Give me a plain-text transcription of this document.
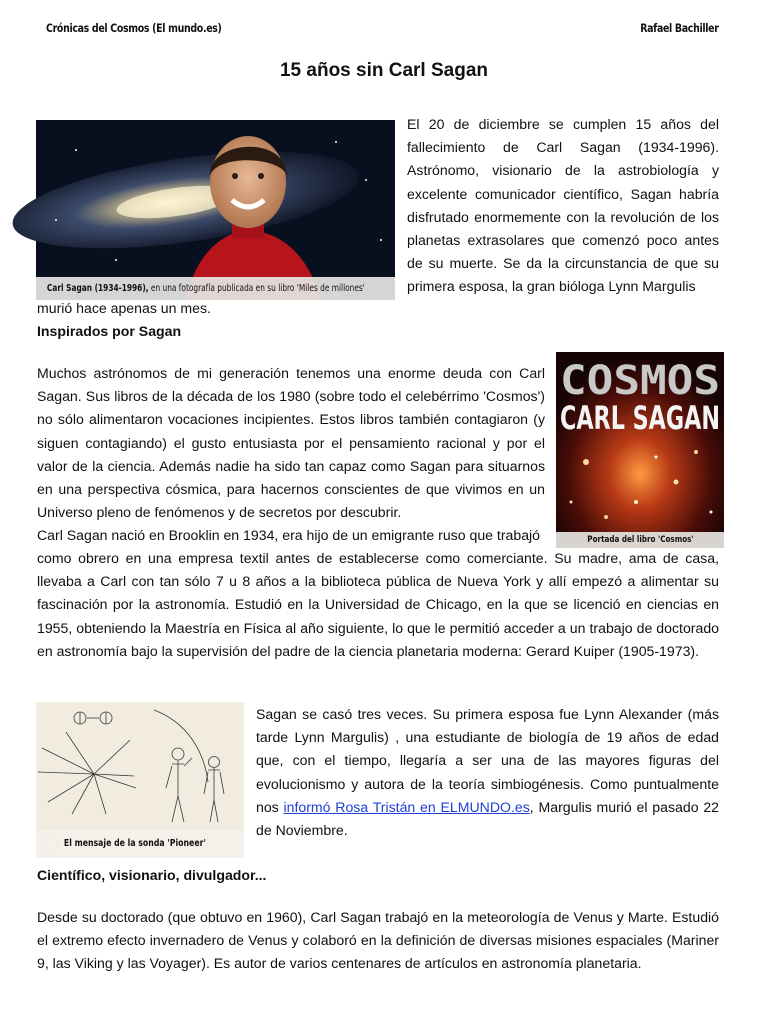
Crónicas del Cosmos (El mundo.es)	Rafael Bachiller
15 años sin Carl Sagan
Carl Sagan (1934-1996), en una fotografía publicada en su libro 'Miles de millones'

El 20 de diciembre se cumplen 15 años del fallecimiento de Carl Sagan (1934-1996). Astrónomo, visionario de la astrobiología y excelente comunicador científico, Sagan habría disfrutado enormemente con la revolución de los planetas extrasolares que comenzó poco antes de su muerte. Se da la circunstancia de que su primera esposa, la gran bióloga Lynn Margulis

murió hace apenas un mes.

Inspirados por Sagan

Muchos astrónomos de mi generación tenemos una enorme deuda con Carl Sagan. Sus libros de la década de los 1980 (sobre todo el celebérrimo 'Cosmos') no sólo alimentaron vocaciones incipientes. Estos libros también contagiaron (y siguen contagiando) el gusto entusiasta por el pensamiento racional y por el valor de la ciencia. Además nadie ha sido tan capaz como Sagan para situarnos en una perspectiva cósmica, para hacernos conscientes de que vivimos en un Universo pleno de fenómenos y de secretos por descubrir.

COSMOS
CARL SAGAN
Portada del libro 'Cosmos'

Carl Sagan nació en Brooklin en 1934, era hijo de un emigrante ruso que trabajó

como obrero en una empresa textil antes de establecerse como comerciante. Su madre, ama de casa, llevaba a Carl con tan sólo 7 u 8 años a la biblioteca pública de Nueva York y allí empezó a alimentar su fascinación por la astronomía. Estudió en la Universidad de Chicago, en la que se licenció en ciencias en 1955, obteniendo la Maestría en Física al año siguiente, lo que le permitió acceder a un trabajo de doctorado en astronomía bajo la supervisión del padre de la ciencia planetaria moderna: Gerard Kuiper (1905-1973).

El mensaje de la sonda 'Pioneer'

Sagan se casó tres veces. Su primera esposa fue Lynn Alexander (más tarde Lynn Margulis) , una estudiante de biología de 19 años de edad que, con el tiempo, llegaría a ser una de las mayores figuras del evolucionismo y autora de la teoría simbiogénesis. Como puntualmente nos informó Rosa Tristán en ELMUNDO.es, Margulis murió el pasado 22 de Noviembre.

Científico, visionario, divulgador...

Desde su doctorado (que obtuvo en 1960), Carl Sagan trabajó en la meteorología de Venus y Marte. Estudió el extremo efecto invernadero de Venus y colaboró en la definición de diversas misiones espaciales (Mariner 9, las Viking y las Voyager). Es autor de varios centenares de artículos en astronomía planetaria.
